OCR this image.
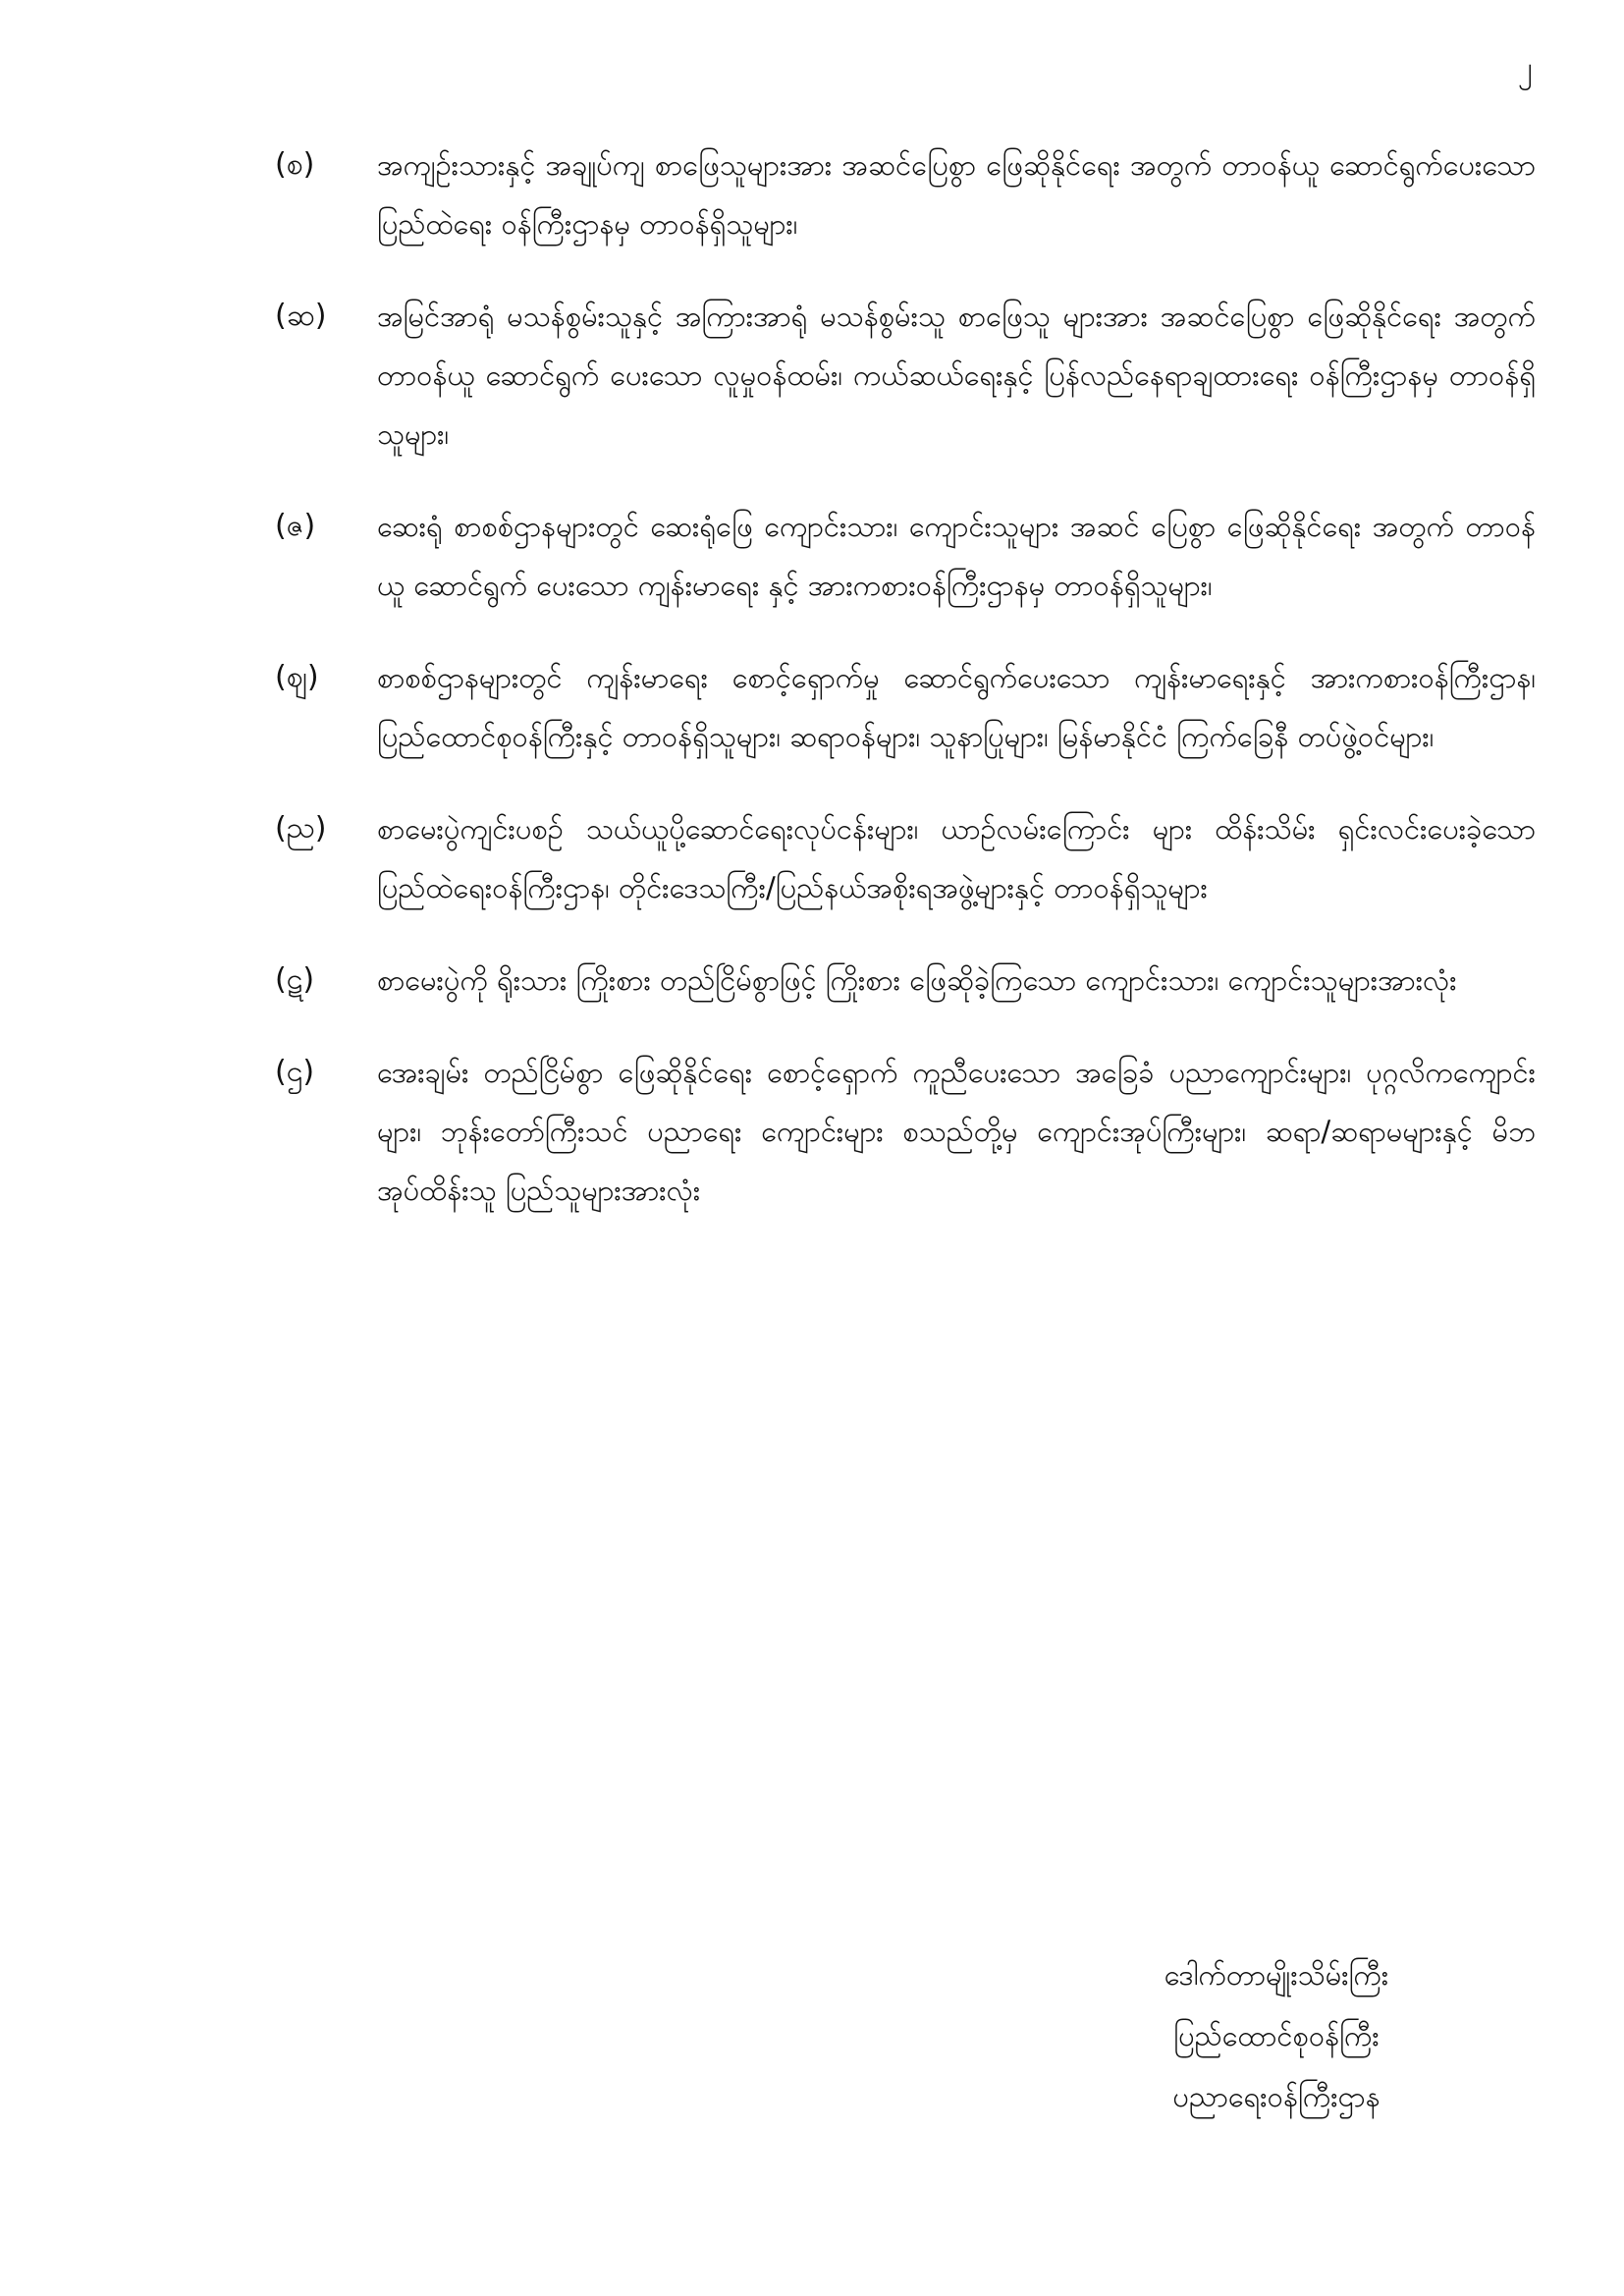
၂
(စ)	အကျဉ်းသားနှင့် အချုပ်ကျ စာဖြေသူများအား အဆင်ပြေစွာ ဖြေဆိုနိုင်ရေး အတွက် တာဝန်ယူ ဆောင်ရွက်ပေးသော ပြည်ထဲရေး ဝန်ကြီးဌာနမှ တာဝန်ရှိသူများ၊
(ဆ)	အမြင်အာရုံ မသန်စွမ်းသူနှင့် အကြားအာရုံ မသန်စွမ်းသူ စာဖြေသူ များအား အဆင်ပြေစွာ ဖြေဆိုနိုင်ရေး အတွက် တာဝန်ယူ ဆောင်ရွက် ပေးသော လူမှုဝန်ထမ်း၊ ကယ်ဆယ်ရေးနှင့် ပြန်လည်နေရာချထားရေး ဝန်ကြီးဌာနမှ တာဝန်ရှိသူများ၊
(ဇ)	ဆေးရုံ စာစစ်ဌာနများတွင် ဆေးရုံဖြေ ကျောင်းသား၊ ကျောင်းသူများ အဆင် ပြေစွာ ဖြေဆိုနိုင်ရေး အတွက် တာဝန်ယူ ဆောင်ရွက် ပေးသော ကျန်းမာရေး နှင့် အားကစားဝန်ကြီးဌာနမှ တာဝန်ရှိသူများ၊
(ဈ)	စာစစ်ဌာနများတွင် ကျန်းမာရေး စောင့်ရှောက်မှု ဆောင်ရွက်ပေးသော ကျန်းမာရေးနှင့် အားကစားဝန်ကြီးဌာန၊ ပြည်ထောင်စုဝန်ကြီးနှင့် တာဝန်ရှိသူများ၊ ဆရာဝန်များ၊ သူနာပြုများ၊ မြန်မာနိုင်ငံ ကြက်ခြေနီ တပ်ဖွဲ့ဝင်များ၊
(ည)	စာမေးပွဲကျင်းပစဉ် သယ်ယူပို့ဆောင်ရေးလုပ်ငန်းများ၊ ယာဉ်လမ်းကြောင်း များ ထိန်းသိမ်း ရှင်းလင်းပေးခဲ့သော ပြည်ထဲရေးဝန်ကြီးဌာန၊ တိုင်းဒေသကြီး/ပြည်နယ်အစိုးရအဖွဲ့များနှင့် တာဝန်ရှိသူများ
(ဋ)	စာမေးပွဲကို ရိုးသား ကြိုးစား တည်ငြိမ်စွာဖြင့် ကြိုးစား ဖြေဆိုခဲ့ကြသော ကျောင်းသား၊ ကျောင်းသူများအားလုံး
(ဌ)	အေးချမ်း တည်ငြိမ်စွာ ဖြေဆိုနိုင်ရေး စောင့်ရှောက် ကူညီပေးသော အခြေခံ ပညာကျောင်းများ၊ ပုဂ္ဂလိကကျောင်းများ၊ ဘုန်းတော်ကြီးသင် ပညာရေး ကျောင်းများ စသည်တို့မှ ကျောင်းအုပ်ကြီးများ၊ ဆရာ/ဆရာမများနှင့် မိဘအုပ်ထိန်းသူ ပြည်သူများအားလုံး
ဒေါက်တာမျိုးသိမ်းကြီး
ပြည်ထောင်စုဝန်ကြီး
ပညာရေးဝန်ကြီးဌာန
